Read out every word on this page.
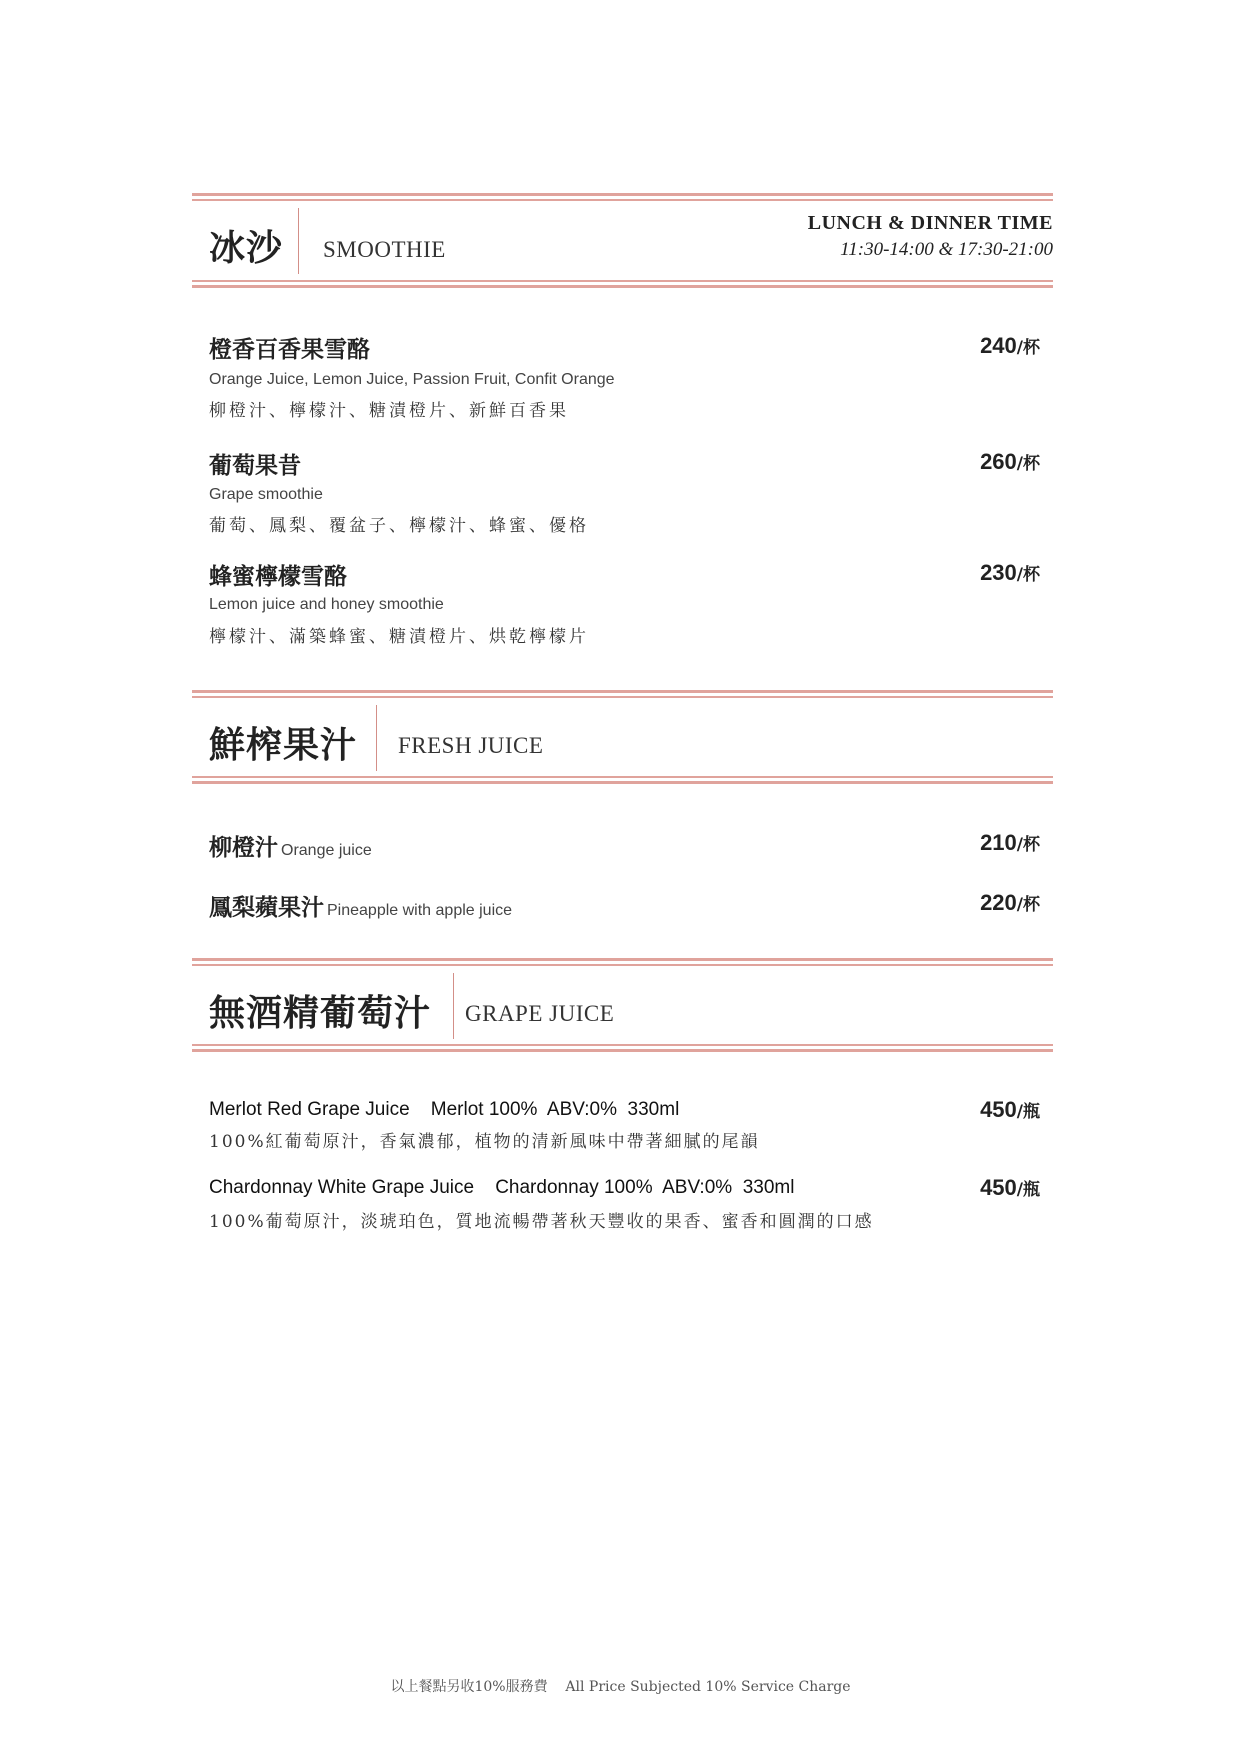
冰沙 SMOOTHIE
LUNCH & DINNER TIME
11:30-14:00 & 17:30-21:00
橙香百香果雪酪	240/杯
Orange Juice, Lemon Juice, Passion Fruit, Confit Orange
柳橙汁、檸檬汁、糖漬橙片、新鮮百香果
葡萄果昔	260/杯
Grape smoothie
葡萄、鳳梨、覆盆子、檸檬汁、蜂蜜、優格
蜂蜜檸檬雪酪	230/杯
Lemon juice and honey smoothie
檸檬汁、滿築蜂蜜、糖漬橙片、烘乾檸檬片
鮮榨果汁 FRESH JUICE
柳橙汁 Orange juice	210/杯
鳳梨蘋果汁 Pineapple with apple juice	220/杯
無酒精葡萄汁 GRAPE JUICE
Merlot Red Grape Juice    Merlot 100%  ABV:0%  330ml	450/瓶
100%紅葡萄原汁，香氣濃郁，植物的清新風味中帶著細膩的尾韻
Chardonnay White Grape Juice    Chardonnay 100%  ABV:0%  330ml	450/瓶
100%葡萄原汁，淡琥珀色，質地流暢帶著秋天豐收的果香、蜜香和圓潤的口感
以上餐點另收10%服務費 All Price Subjected 10% Service Charge
